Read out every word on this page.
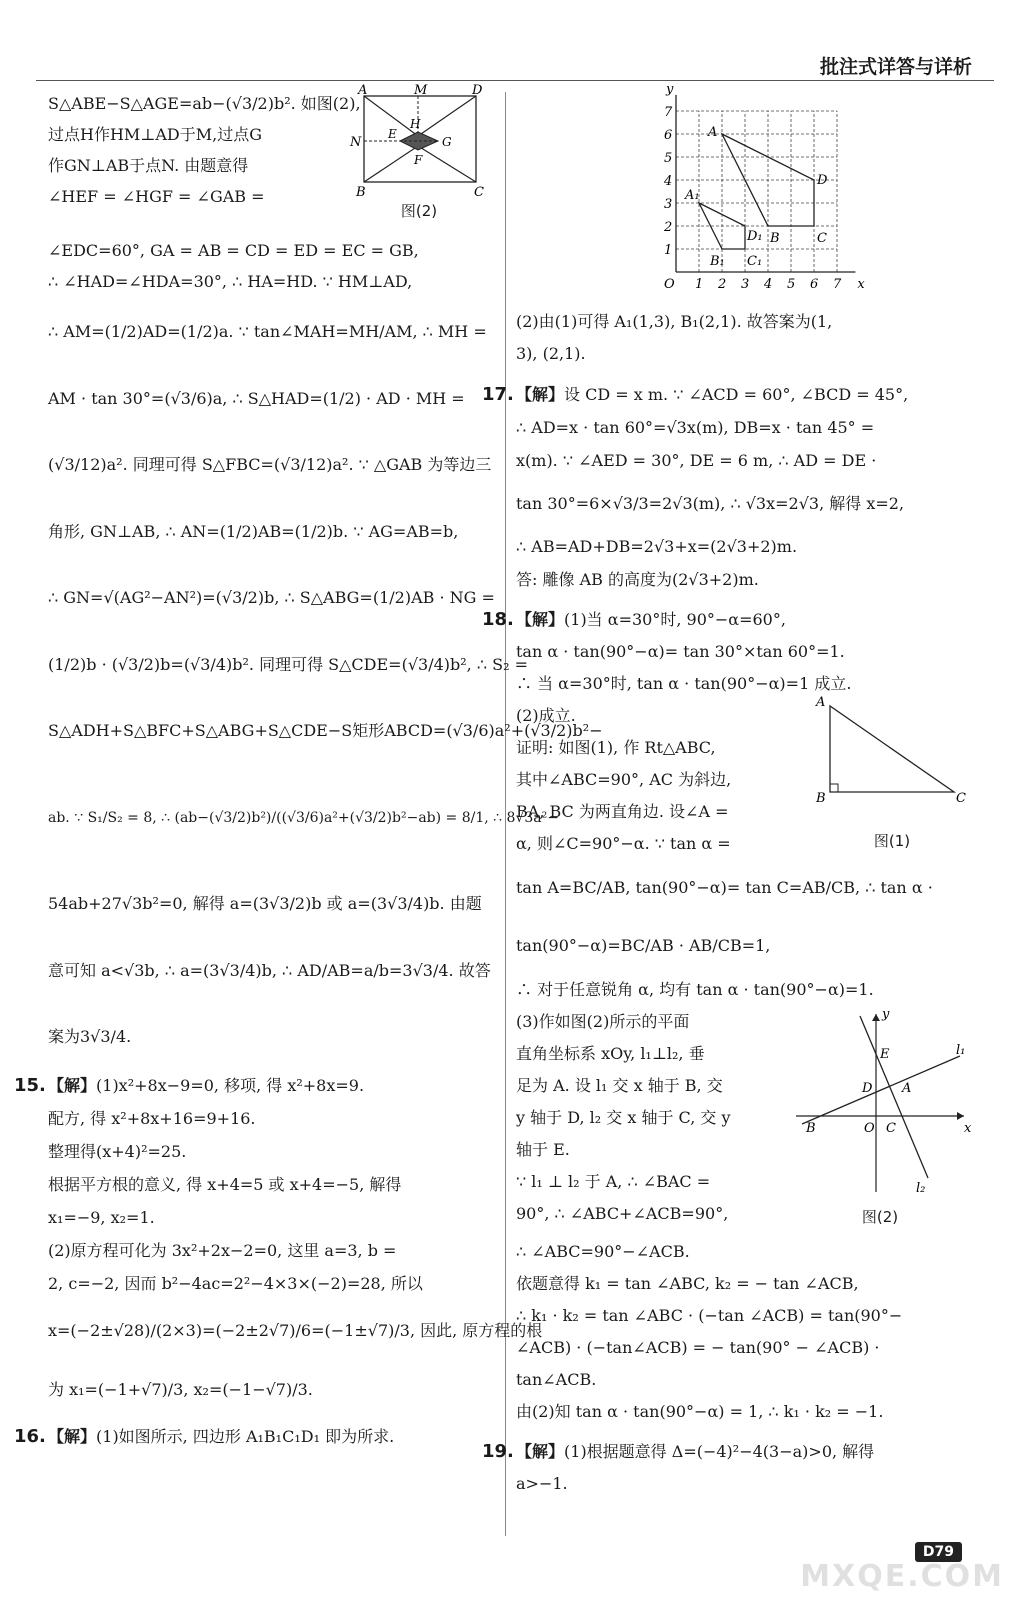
批注式详答与详析
S△ABE−S△AGE=ab−(√3/2)b². 如图(2),
过点H作HM⊥AD于M,过点G
作GN⊥AB于点N. 由题意得
∠HEF = ∠HGF = ∠GAB =
A	M	D
N
B	C
E
H
G
F
图(2)
∠EDC=60°, GA = AB = CD = ED = EC = GB,
∴ ∠HAD=∠HDA=30°, ∴ HA=HD. ∵ HM⊥AD,
∴ AM=(1/2)AD=(1/2)a. ∵ tan∠MAH=MH/AM, ∴ MH =
AM · tan 30°=(√3/6)a, ∴ S△HAD=(1/2) · AD · MH =
(√3/12)a². 同理可得 S△FBC=(√3/12)a². ∵ △GAB 为等边三
角形, GN⊥AB, ∴ AN=(1/2)AB=(1/2)b. ∵ AG=AB=b,
∴ GN=√(AG²−AN²)=(√3/2)b, ∴ S△ABG=(1/2)AB · NG =
(1/2)b · (√3/2)b=(√3/4)b². 同理可得 S△CDE=(√3/4)b², ∴ S₂ =
S△ADH+S△BFC+S△ABG+S△CDE−S矩形ABCD=(√3/6)a²+(√3/2)b²−
ab. ∵ S₁/S₂ = 8, ∴ (ab−(√3/2)b²)/((√3/6)a²+(√3/2)b²−ab) = 8/1, ∴ 8√3a²−
54ab+27√3b²=0, 解得 a=(3√3/2)b 或 a=(3√3/4)b. 由题
意可知 a<√3b, ∴ a=(3√3/4)b, ∴ AD/AB=a/b=3√3/4. 故答
案为3√3/4.
15. 【解】(1)x²+8x−9=0, 移项, 得 x²+8x=9.
配方, 得 x²+8x+16=9+16.
整理得(x+4)²=25.
根据平方根的意义, 得 x+4=5 或 x+4=−5, 解得
x₁=−9, x₂=1.
(2)原方程可化为 3x²+2x−2=0, 这里 a=3, b =
2, c=−2, 因而 b²−4ac=2²−4×3×(−2)=28, 所以
x=(−2±√28)/(2×3)=(−2±2√7)/6=(−1±√7)/3, 因此, 原方程的根
为 x₁=(−1+√7)/3, x₂=(−1−√7)/3.
16. 【解】(1)如图所示, 四边形 A₁B₁C₁D₁ 即为所求.
x
y
O 1 2 3 4 5 6 7
1
2
3
4
5
6
7
A
B	C
D
A₁
B₁ C₁
D₁
(2)由(1)可得 A₁(1,3), B₁(2,1). 故答案为(1,
3), (2,1).
17. 【解】设 CD = x m. ∵ ∠ACD = 60°, ∠BCD = 45°,
∴ AD=x · tan 60°=√3x(m), DB=x · tan 45° =
x(m). ∵ ∠AED = 30°, DE = 6 m, ∴ AD = DE ·
tan 30°=6×√3/3=2√3(m), ∴ √3x=2√3, 解得 x=2,
∴ AB=AD+DB=2√3+x=(2√3+2)m.
答: 雕像 AB 的高度为(2√3+2)m.
18. 【解】(1)当 α=30°时, 90°−α=60°,
tan α · tan(90°−α)= tan 30°×tan 60°=1.
∴ 当 α=30°时, tan α · tan(90°−α)=1 成立.
(2)成立.
证明: 如图(1), 作 Rt△ABC,
其中∠ABC=90°, AC 为斜边,
BA, BC 为两直角边. 设∠A =
α, 则∠C=90°−α. ∵ tan α =
A
B	C
图(1)
tan A=BC/AB, tan(90°−α)= tan C=AB/CB, ∴ tan α ·
tan(90°−α)=BC/AB · AB/CB=1,
∴ 对于任意锐角 α, 均有 tan α · tan(90°−α)=1.
(3)作如图(2)所示的平面
直角坐标系 xOy, l₁⊥l₂, 垂
足为 A. 设 l₁ 交 x 轴于 B, 交
y 轴于 D, l₂ 交 x 轴于 C, 交 y
轴于 E.
∵ l₁ ⊥ l₂ 于 A, ∴ ∠BAC =
90°, ∴ ∠ABC+∠ACB=90°,
x
y
O
l₁
l₂
E
D A
B	C
图(2)
∴ ∠ABC=90°−∠ACB.
依题意得 k₁ = tan ∠ABC, k₂ = − tan ∠ACB,
∴ k₁ · k₂ = tan ∠ABC · (−tan ∠ACB) = tan(90°−
∠ACB) · (−tan∠ACB) = − tan(90° − ∠ACB) ·
tan∠ACB.
由(2)知 tan α · tan(90°−α) = 1, ∴ k₁ · k₂ = −1.
19. 【解】(1)根据题意得 Δ=(−4)²−4(3−a)>0, 解得
a>−1.
D79
MXQE.COM
